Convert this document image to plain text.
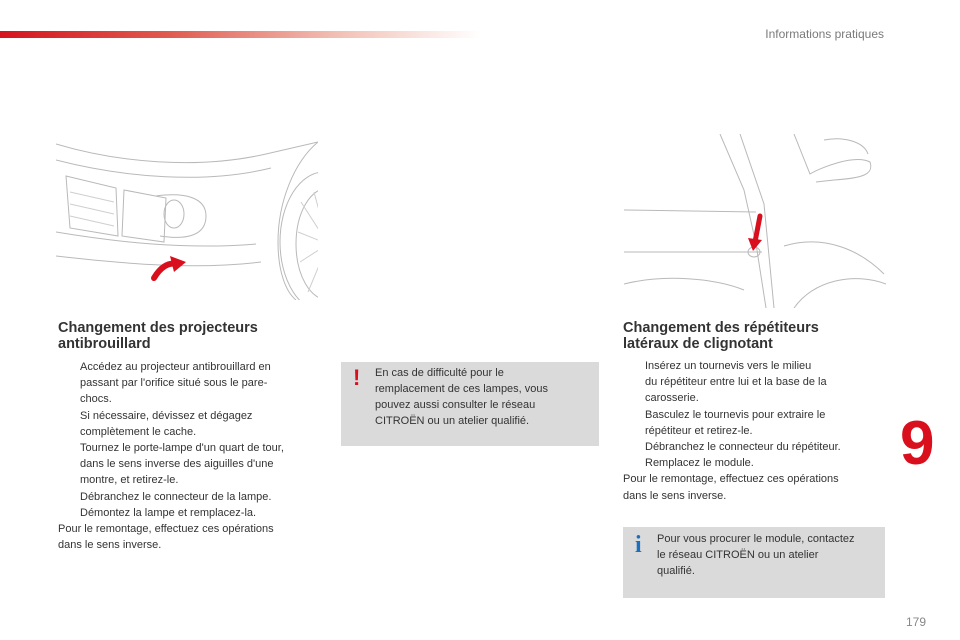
Informations pratiques
Changement des projecteurs
antibrouillard
Accédez au projecteur antibrouillard en
passant par l'orifice situé sous le pare-
chocs.
Si nécessaire, dévissez et dégagez
complètement le cache.
Tournez le porte-lampe d'un quart de tour,
dans le sens inverse des aiguilles d'une
montre, et retirez-le.
Débranchez le connecteur de la lampe.
Démontez la lampe et remplacez-la.

Pour le remontage, effectuez ces opérations

dans le sens inverse.

! En cas de difficulté pour le
remplacement de ces lampes, vous
pouvez aussi consulter le réseau
CITROËN ou un atelier qualifié.
Changement des répétiteurs
latéraux de clignotant
Insérez un tournevis vers le milieu
du répétiteur entre lui et la base de la
carosserie.
Basculez le tournevis pour extraire le
répétiteur et retirez-le.
Débranchez le connecteur du répétiteur.
Remplacez le module.

Pour le remontage, effectuez ces opérations

dans le sens inverse.

i Pour vous procurer le module, contactez
le réseau CITROËN ou un atelier
qualifié.
9
179
